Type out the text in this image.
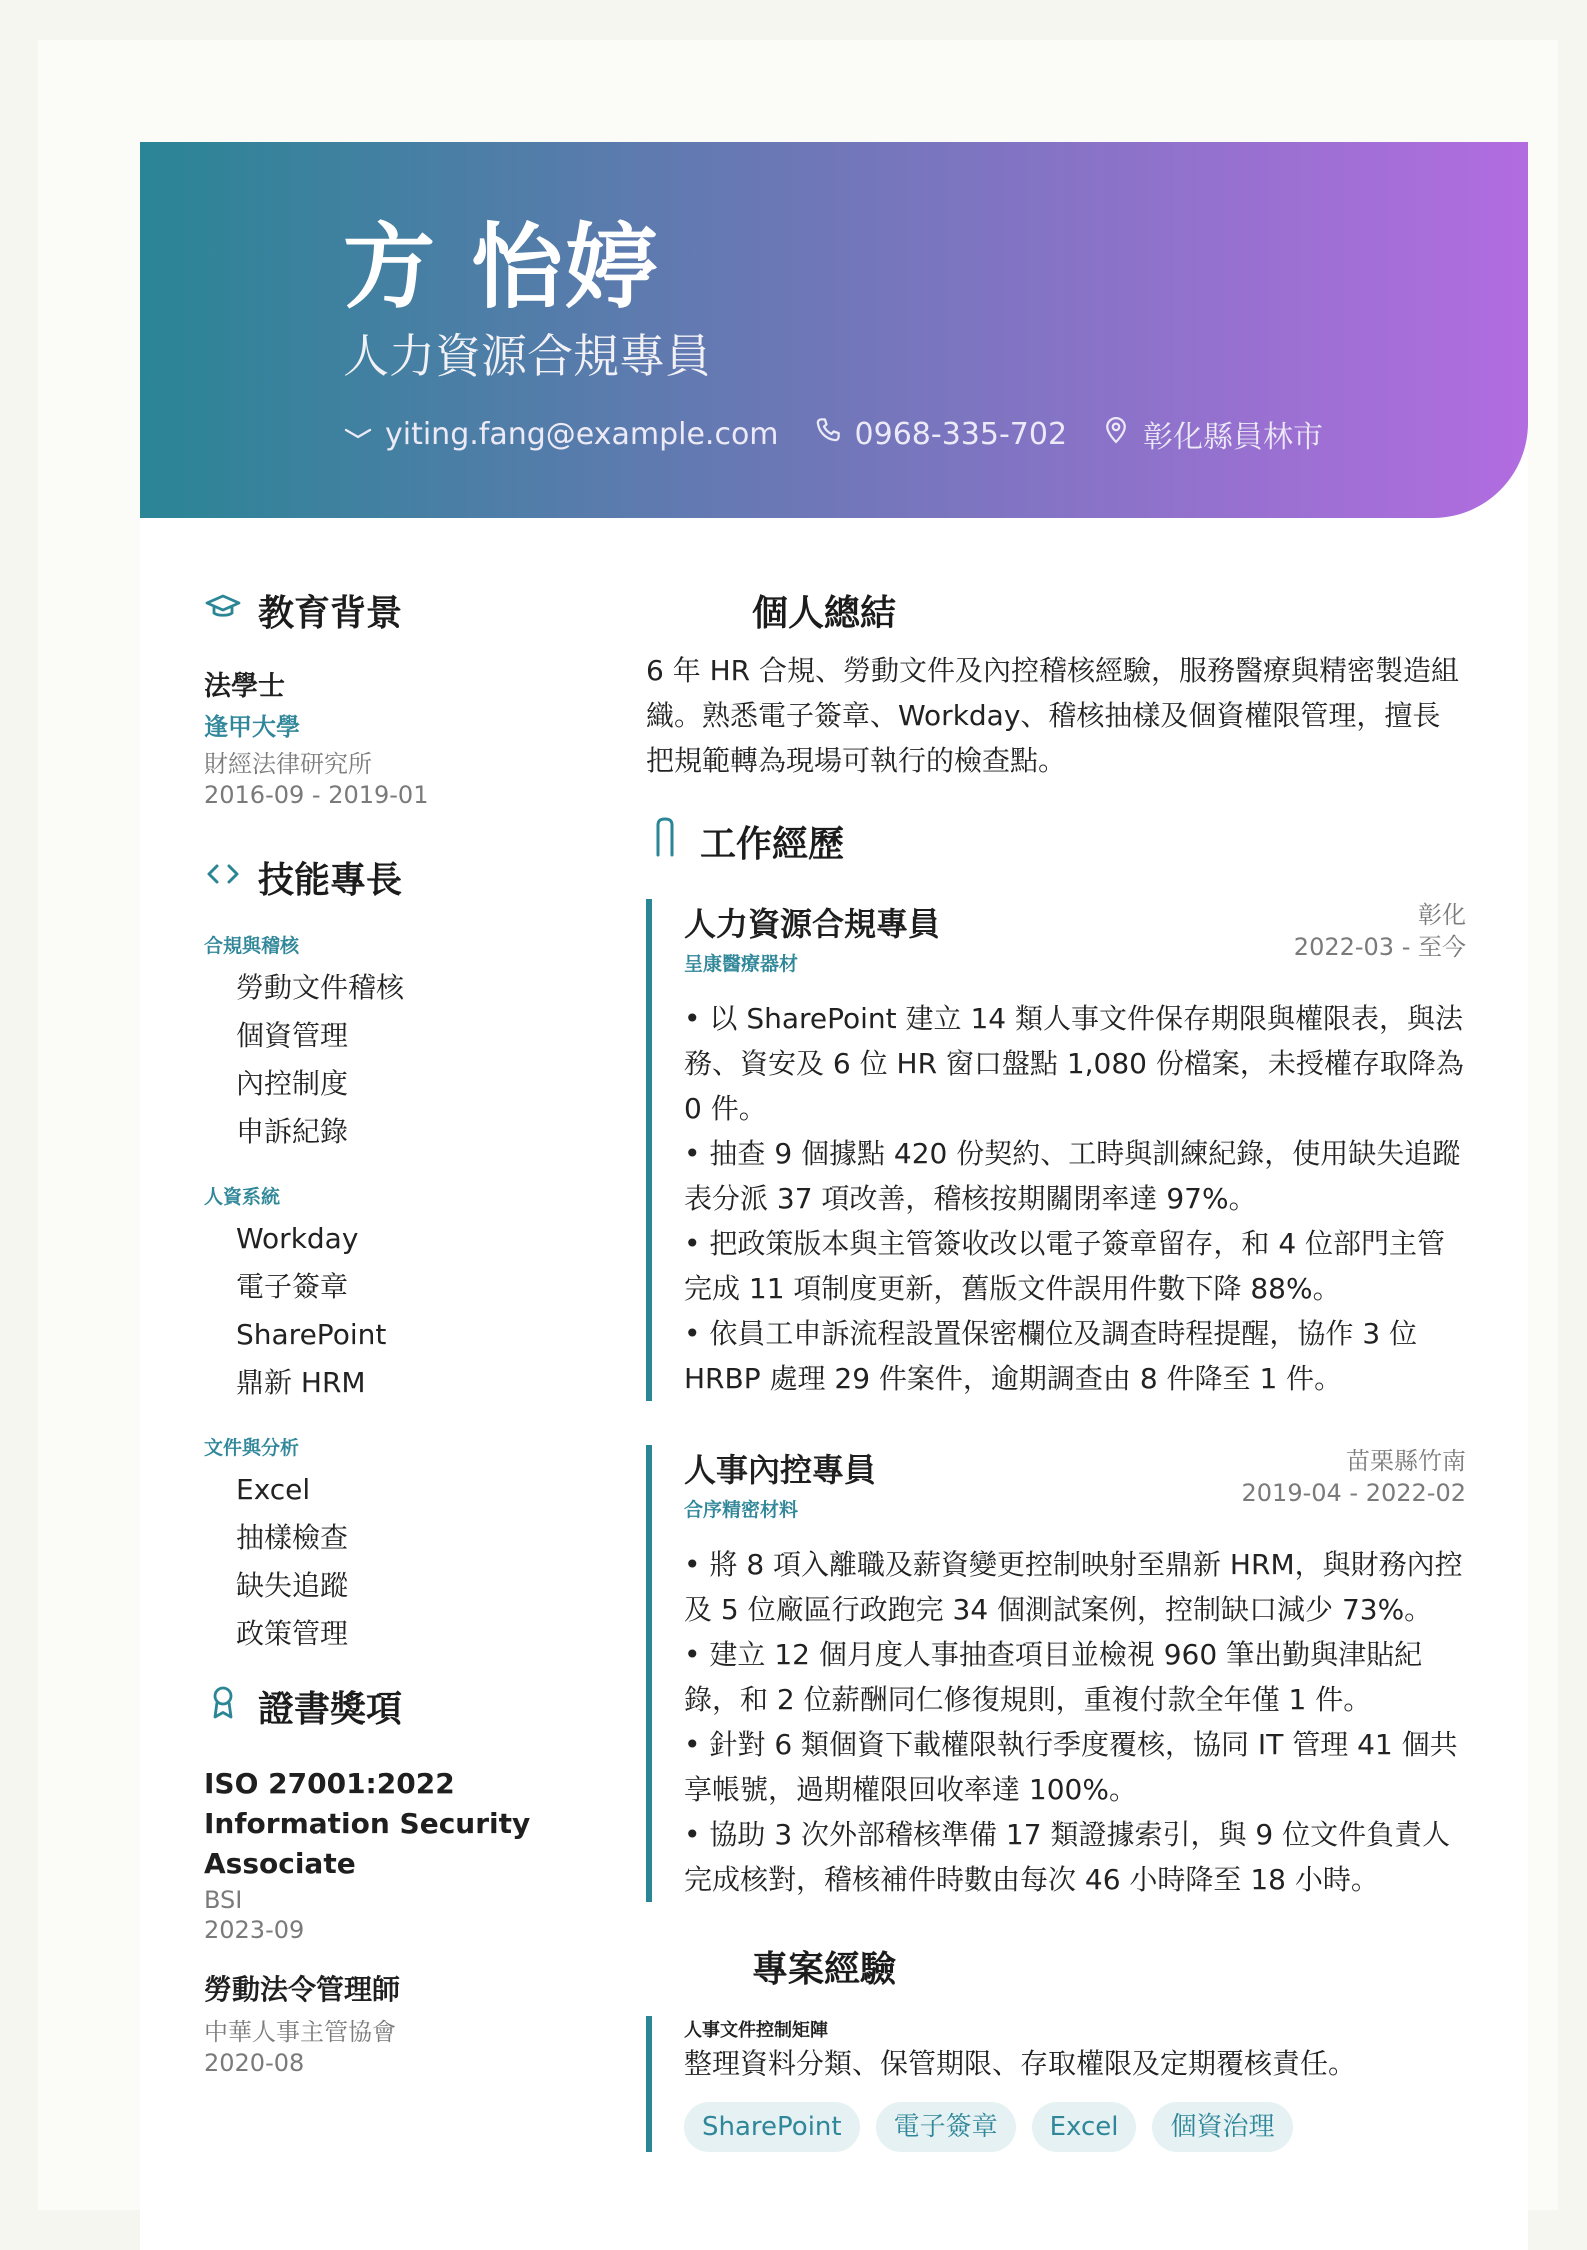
方 怡婷
人力資源合規專員
yiting.fang@example.com	0968-335-702	彰化縣員林市
教育背景
法學士
逢甲大學
財經法律研究所
2016-09 - 2019-01
技能專長
合規與稽核
勞動文件稽核
個資管理
內控制度
申訴紀錄
人資系統
Workday
電子簽章
SharePoint
鼎新 HRM
文件與分析
Excel
抽樣檢查
缺失追蹤
政策管理
證書獎項
ISO 27001:2022 Information Security Associate
BSI
2023-09
勞動法令管理師
中華人事主管協會
2020-08
個人總結
6 年 HR 合規、勞動文件及內控稽核經驗，服務醫療與精密製造組織。熟悉電子簽章、Workday、稽核抽樣及個資權限管理，擅長把規範轉為現場可執行的檢查點。
工作經歷
人力資源合規專員
呈康醫療器材
彰化
2022-03 - 至今

• 以 SharePoint 建立 14 類人事文件保存期限與權限表，與法務、資安及 6 位 HR 窗口盤點 1,080 份檔案，未授權存取降為 0 件。

• 抽查 9 個據點 420 份契約、工時與訓練紀錄，使用缺失追蹤表分派 37 項改善，稽核按期關閉率達 97%。

• 把政策版本與主管簽收改以電子簽章留存，和 4 位部門主管完成 11 項制度更新，舊版文件誤用件數下降 88%。

• 依員工申訴流程設置保密欄位及調查時程提醒，協作 3 位 HRBP 處理 29 件案件，逾期調查由 8 件降至 1 件。

人事內控專員
合序精密材料
苗栗縣竹南
2019-04 - 2022-02

• 將 8 項入離職及薪資變更控制映射至鼎新 HRM，與財務內控及 5 位廠區行政跑完 34 個測試案例，控制缺口減少 73%。

• 建立 12 個月度人事抽查項目並檢視 960 筆出勤與津貼紀錄，和 2 位薪酬同仁修復規則，重複付款全年僅 1 件。

• 針對 6 類個資下載權限執行季度覆核，協同 IT 管理 41 個共享帳號，過期權限回收率達 100%。

• 協助 3 次外部稽核準備 17 類證據索引，與 9 位文件負責人完成核對，稽核補件時數由每次 46 小時降至 18 小時。

專案經驗
人事文件控制矩陣
整理資料分類、保管期限、存取權限及定期覆核責任。
SharePoint	電子簽章	Excel	個資治理
